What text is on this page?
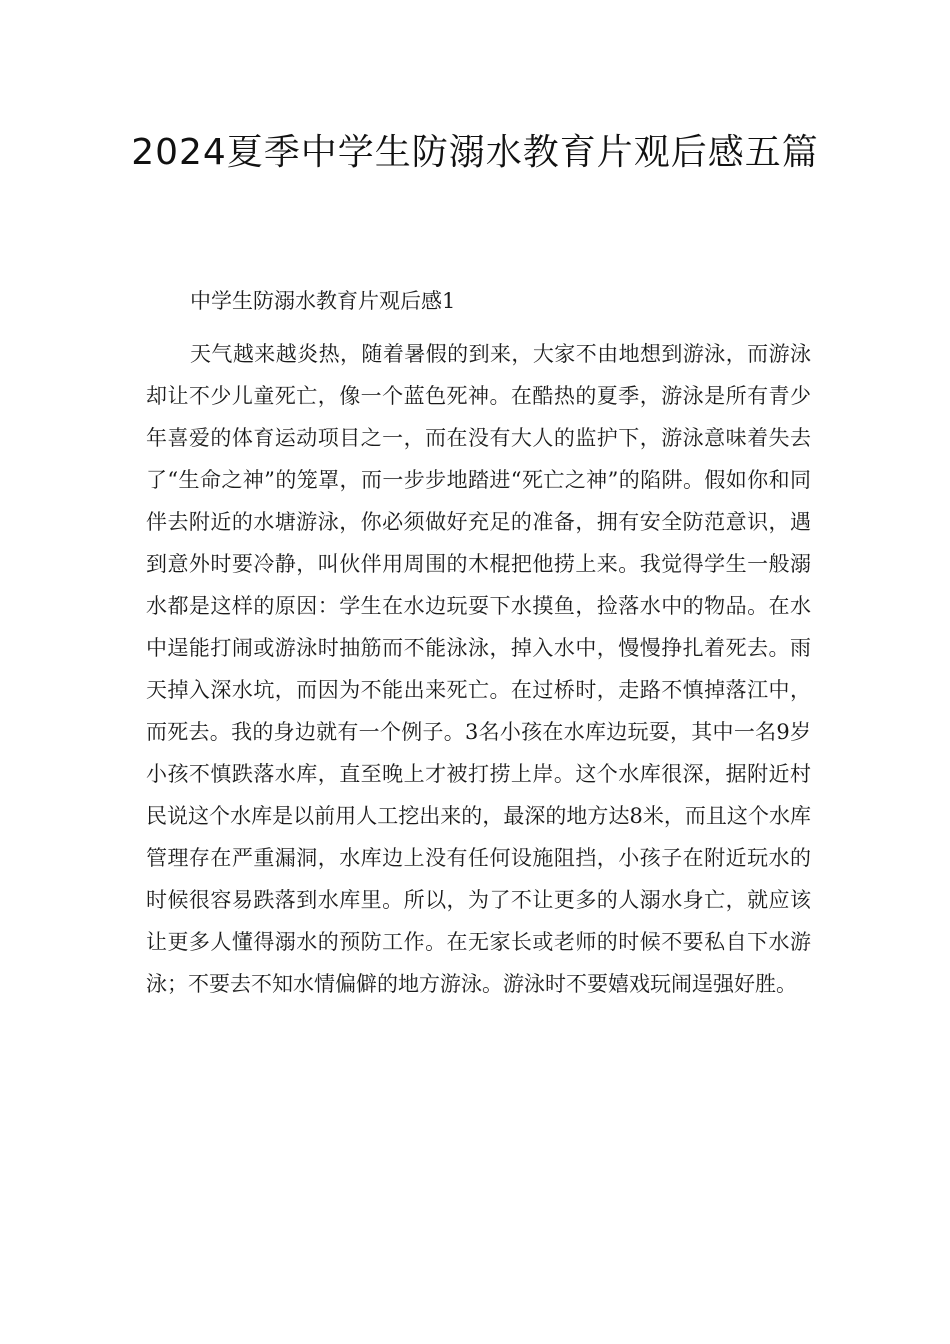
2024夏季中学生防溺水教育片观后感五篇

中学生防溺水教育片观后感1

天气越来越炎热，随着暑假的到来，大家不由地想到游泳，而游泳却让不少儿童死亡，像一个蓝色死神。在酷热的夏季，游泳是所有青少年喜爱的体育运动项目之一，而在没有大人的监护下，游泳意味着失去了“生命之神”的笼罩，而一步步地踏进“死亡之神”的陷阱。假如你和同伴去附近的水塘游泳，你必须做好充足的准备，拥有安全防范意识，遇到意外时要冷静，叫伙伴用周围的木棍把他捞上来。我觉得学生一般溺水都是这样的原因：学生在水边玩耍下水摸鱼，捡落水中的物品。在水中逞能打闹或游泳时抽筋而不能泳泳，掉入水中，慢慢挣扎着死去。雨天掉入深水坑，而因为不能出来死亡。在过桥时，走路不慎掉落江中，而死去。我的身边就有一个例子。3名小孩在水库边玩耍，其中一名9岁小孩不慎跌落水库，直至晚上才被打捞上岸。这个水库很深，据附近村民说这个水库是以前用人工挖出来的，最深的地方达8米，而且这个水库管理存在严重漏洞，水库边上没有任何设施阻挡，小孩子在附近玩水的时候很容易跌落到水库里。所以，为了不让更多的人溺水身亡，就应该让更多人懂得溺水的预防工作。在无家长或老师的时候不要私自下水游泳；不要去不知水情偏僻的地方游泳。游泳时不要嬉戏玩闹逞强好胜。
